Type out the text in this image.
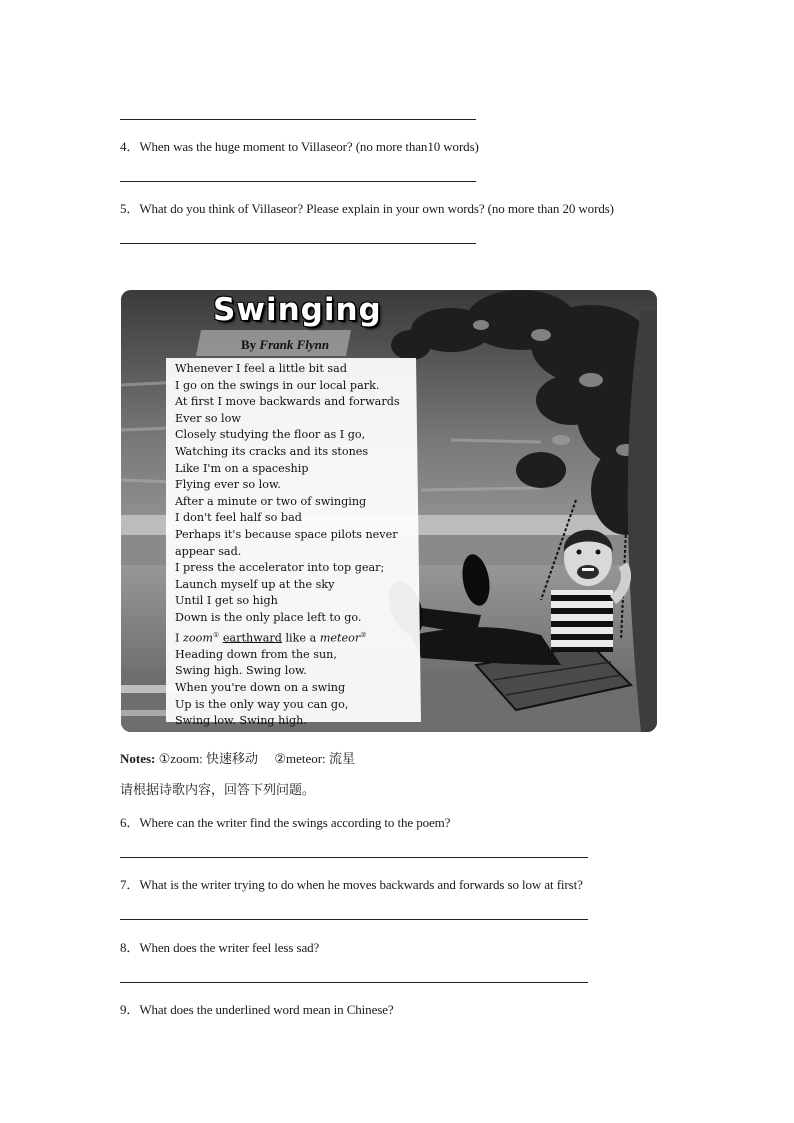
4．When was the huge moment to Villaseor? (no more than10 words)
5．What do you think of Villaseor? Please explain in your own words? (no more than 20 words)
Swinging
By Frank Flynn
Whenever I feel a little bit sad
I go on the swings in our local park.
At first I move backwards and forwards
Ever so low
Closely studying the floor as I go,
Watching its cracks and its stones
Like I'm on a spaceship
Flying ever so low.
After a minute or two of swinging
I don't feel half so bad
Perhaps it's because space pilots never
appear sad.
I press the accelerator into top gear;
Launch myself up at the sky
Until I get so high
Down is the only place left to go.
I zoom① earthward like a meteor②
Heading down from the sun,
Swing high. Swing low.
When you're down on a swing
Up is the only way you can go,
Swing low. Swing high.
Notes: ①zoom: 快速移动 ②meteor: 流星
请根据诗歌内容，回答下列问题。
6．Where can the writer find the swings according to the poem?
7．What is the writer trying to do when he moves backwards and forwards so low at first?
8．When does the writer feel less sad?
9．What does the underlined word mean in Chinese?
